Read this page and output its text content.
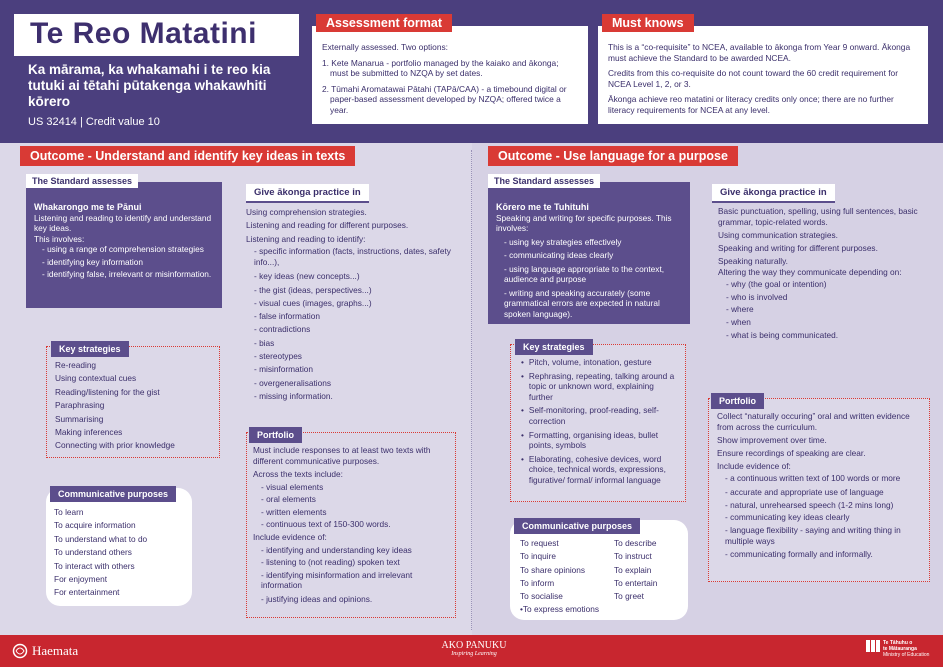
Te Reo Matatini
Ka mārama, ka whakamahi i te reo kia tutuki ai tētahi pūtakenga whakawhiti kōrero
US 32414 | Credit value 10
Assessment format

Externally assessed. Two options:

1. Kete Manarua - portfolio managed by the kaiako and ākonga; must be submitted to NZQA by set dates.

2. Tūmahi Aromatawai Pātahi (TAPā/CAA) - a timebound digital or paper-based assessment developed by NZQA; offered twice a year.

Must knows

This is a “co-requisite” to NCEA, available to ākonga from Year 9 onward. Ākonga must achieve the Standard to be awarded NCEA.

Credits from this co-requisite do not count toward the 60 credit requirement for NCEA Level 1, 2, or 3.

Ākonga achieve reo matatini or literacy credits only once; there are no further literacy requirements for NCEA at any level.

Outcome - Understand and identify key ideas in texts
The Standard assesses
Whakarongo me te Pānui
Listening and reading to identify and understand key ideas.
This involves:
- using a range of comprehension strategies
- identifying key information
- identifying false, irrelevant or misinformation.
Give ākonga practice in
Using comprehension strategies.
Listening and reading for different purposes.
Listening and reading to identify:
- specific information (facts, instructions, dates, safety info...),
- key ideas (new concepts...)
- the gist (ideas, perspectives...)
- visual cues (images, graphs...)
- false information
- contradictions
- bias
- stereotypes
- misinformation
- overgeneralisations
- missing information.
Key strategies
Re-reading
Using contextual cues
Reading/listening for the gist
Paraphrasing
Summarising
Making inferences
Connecting with prior knowledge
Communicative purposes
To learn
To acquire information
To understand what to do
To understand others
To interact with others
For enjoyment
For entertainment
Portfolio
Must include responses to at least two texts with different communicative purposes.
Across the texts include:
- visual elements
- oral elements
- written elements
- continuous text of 150-300 words.
Include evidence of:
- identifying and understanding key ideas
- listening to (not reading) spoken text
- identifying misinformation and irrelevant information
- justifying ideas and opinions.
Outcome - Use language for a purpose
The Standard assesses
Kōrero me te Tuhituhi
Speaking and writing for specific purposes. This involves:
- using key strategies effectively
- communicating ideas clearly
- using language appropriate to the context, audience and purpose
- writing and speaking accurately (some grammatical errors are expected in natural spoken language).
Give ākonga practice in
Basic punctuation, spelling, using full sentences, basic grammar, topic-related words.
Using communication strategies.
Speaking and writing for different purposes.
Speaking naturally.
Altering the way they communicate depending on:
- why (the goal or intention)
- who is involved
- where
- when
- what is being communicated.
Key strategies
• Pitch, volume, intonation, gesture
• Rephrasing, repeating, talking around a topic or unknown word, explaining further
• Self-monitoring, proof-reading, self-correction
• Formatting, organising ideas, bullet points, symbols
• Elaborating, cohesive devices, word choice, technical words, expressions, figurative/ formal/ informal language
Communicative purposes
To request
To inquire
To share opinions
To inform
To socialise
•To express emotions
To describe
To instruct
To explain
To entertain
To greet
Portfolio
Collect “naturally occuring” oral and written evidence from across the curriculum.
Show improvement over time.
Ensure recordings of speaking are clear.
Include evidence of:
- a continuous written text of 100 words or more
- accurate and appropriate use of language
- natural, unrehearsed speech (1-2 mins long)
- communicating key ideas clearly
- language flexibility - saying and writing thing in multiple ways
- communicating formally and informally.
Haemata	AKO PANUKU
Inspiring Learning
Te Tāhuhu o
te Mātauranga
Ministry of Education
